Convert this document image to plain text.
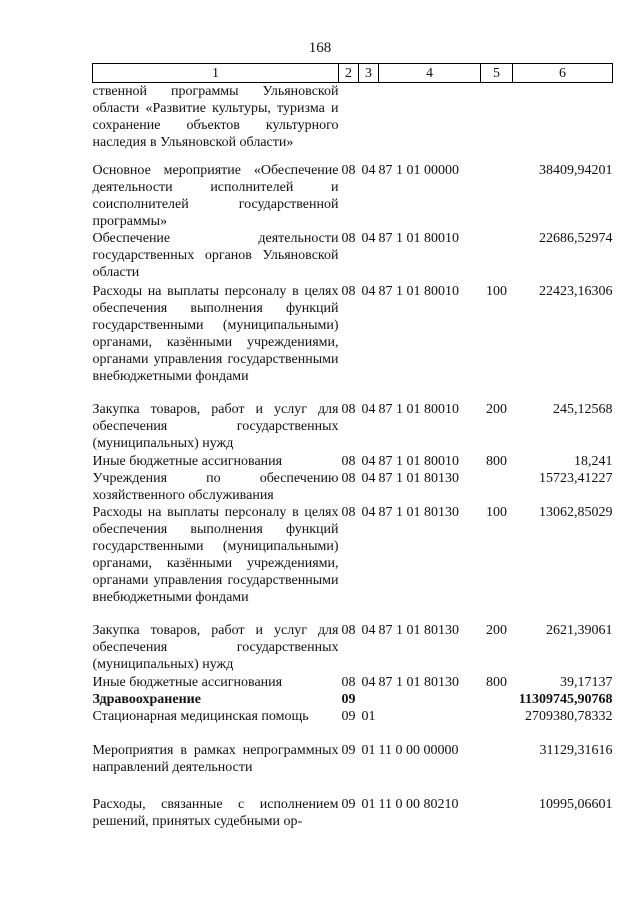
168
1	2	3	4	5	6
ственной программы Ульяновской области «Развитие культуры, туризма и сохранение объектов культурного наследия в Ульяновской области»					
Основное мероприятие «Обеспечение деятельности исполнителей и соисполнителей государственной программы»	08	04	87 1 01 00000		38409,94201
Обеспечение деятельности государственных органов Ульяновской области	08	04	87 1 01 80010		22686,52974
Расходы на выплаты персоналу в целях обеспечения выполнения функций государственными (муниципальными) органами, казёнными учреждениями, органами управления государственными внебюджетными фондами	08	04	87 1 01 80010	100	22423,16306
Закупка товаров, работ и услуг для обеспечения государственных (муниципальных) нужд	08	04	87 1 01 80010	200	245,12568
Иные бюджетные ассигнования	08	04	87 1 01 80010	800	18,241
Учреждения по обеспечению хозяйственного обслуживания	08	04	87 1 01 80130		15723,41227
Расходы на выплаты персоналу в целях обеспечения выполнения функций государственными (муниципальными) органами, казёнными учреждениями, органами управления государственными внебюджетными фондами	08	04	87 1 01 80130	100	13062,85029
Закупка товаров, работ и услуг для обеспечения государственных (муниципальных) нужд	08	04	87 1 01 80130	200	2621,39061
Иные бюджетные ассигнования	08	04	87 1 01 80130	800	39,17137
Здравоохранение	09				11309745,90768
Стационарная медицинская помощь	09	01			2709380,78332
Мероприятия в рамках непрограммных направлений деятельности	09	01	11 0 00 00000		31129,31616
Расходы, связанные с исполнением решений, принятых судебными ор-	09	01	11 0 00 80210		10995,06601
